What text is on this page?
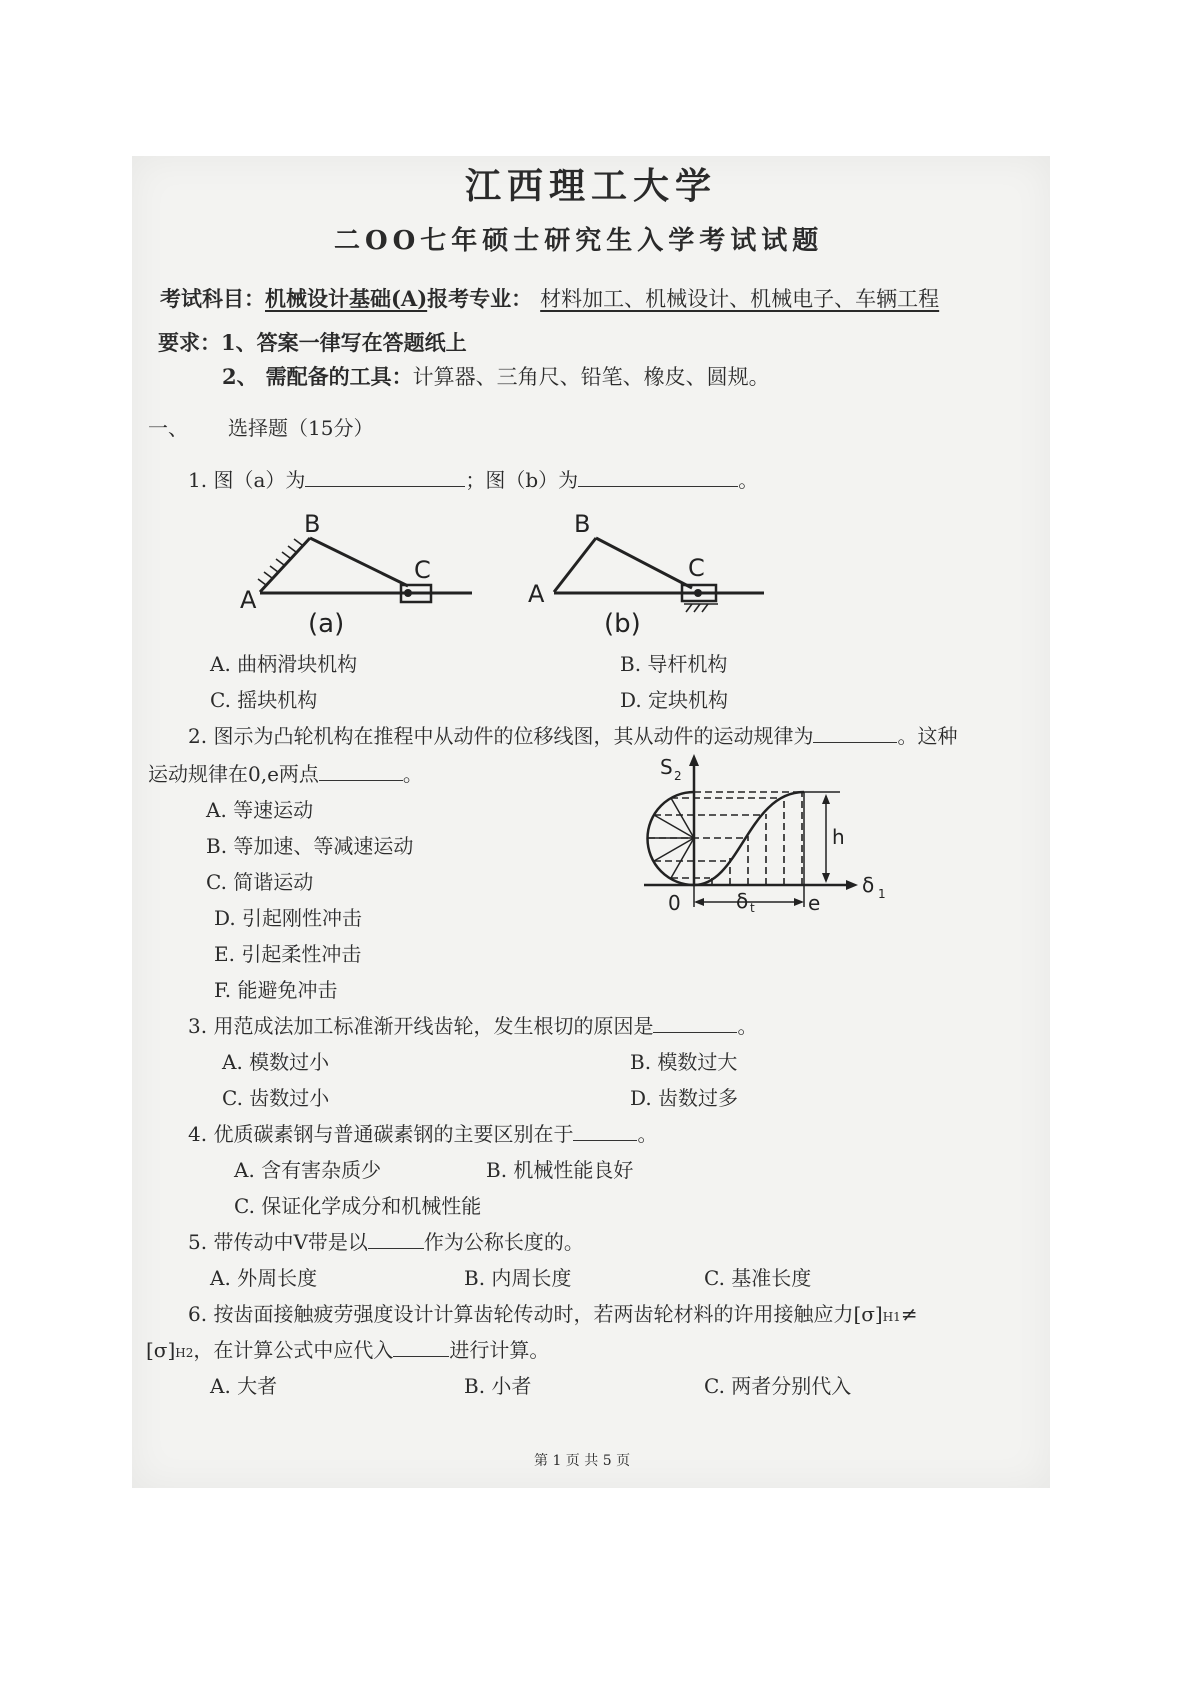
江西理工大学
二OO七年硕士研究生入学考试试题
考试科目：机械设计基础(A)报考专业： 材料加工、机械设计、机械电子、车辆工程
要求：1、答案一律写在答题纸上
2、 需配备的工具：计算器、三角尺、铅笔、橡皮、圆规。
一、 选择题（15分）
1. 图（a）为	；图（b）为	。
A
B
C
(a)
A
B
C
(b)
A. 曲柄滑块机构	B. 导杆机构
C. 摇块机构	D. 定块机构
2. 图示为凸轮机构在推程中从动件的位移线图，其从动件的运动规律为	。这种
运动规律在0,e两点	。
A. 等速运动
B. 等加速、等减速运动
C. 简谐运动
D. 引起刚性冲击
E. 引起柔性冲击
F. 能避免冲击
S 2
δ 1
h
0	e
δ t
3. 用范成法加工标准渐开线齿轮，发生根切的原因是	。
A. 模数过小	B. 模数过大
C. 齿数过小	D. 齿数过多
4. 优质碳素钢与普通碳素钢的主要区别在于	。
A. 含有害杂质少	B. 机械性能良好
C. 保证化学成分和机械性能
5. 带传动中V带是以	作为公称长度的。
A. 外周长度	B. 内周长度	C. 基准长度
6. 按齿面接触疲劳强度设计计算齿轮传动时，若两齿轮材料的许用接触应力[σ]H1≠
[σ]H2，在计算公式中应代入	进行计算。
A. 大者	B. 小者	C. 两者分别代入
第 1 页 共 5 页
